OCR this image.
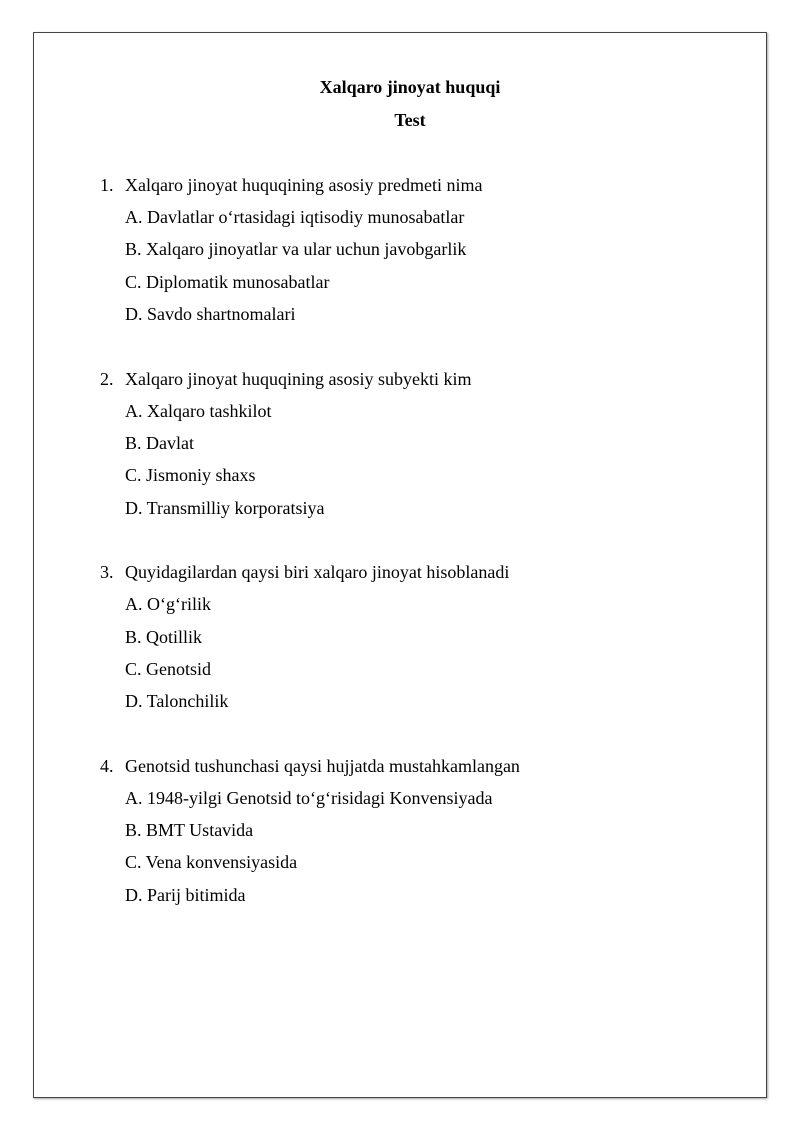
Xalqaro jinoyat huquqi
Test
1. Xalqaro jinoyat huquqining asosiy predmeti nima
A. Davlatlar o‘rtasidagi iqtisodiy munosabatlar
B. Xalqaro jinoyatlar va ular uchun javobgarlik
C. Diplomatik munosabatlar
D. Savdo shartnomalari
2. Xalqaro jinoyat huquqining asosiy subyekti kim
A. Xalqaro tashkilot
B. Davlat
C. Jismoniy shaxs
D. Transmilliy korporatsiya
3. Quyidagilardan qaysi biri xalqaro jinoyat hisoblanadi
A. O‘g‘rilik
B. Qotillik
C. Genotsid
D. Talonchilik
4. Genotsid tushunchasi qaysi hujjatda mustahkamlangan
A. 1948-yilgi Genotsid to‘g‘risidagi Konvensiyada
B. BMT Ustavida
C. Vena konvensiyasida
D. Parij bitimida
